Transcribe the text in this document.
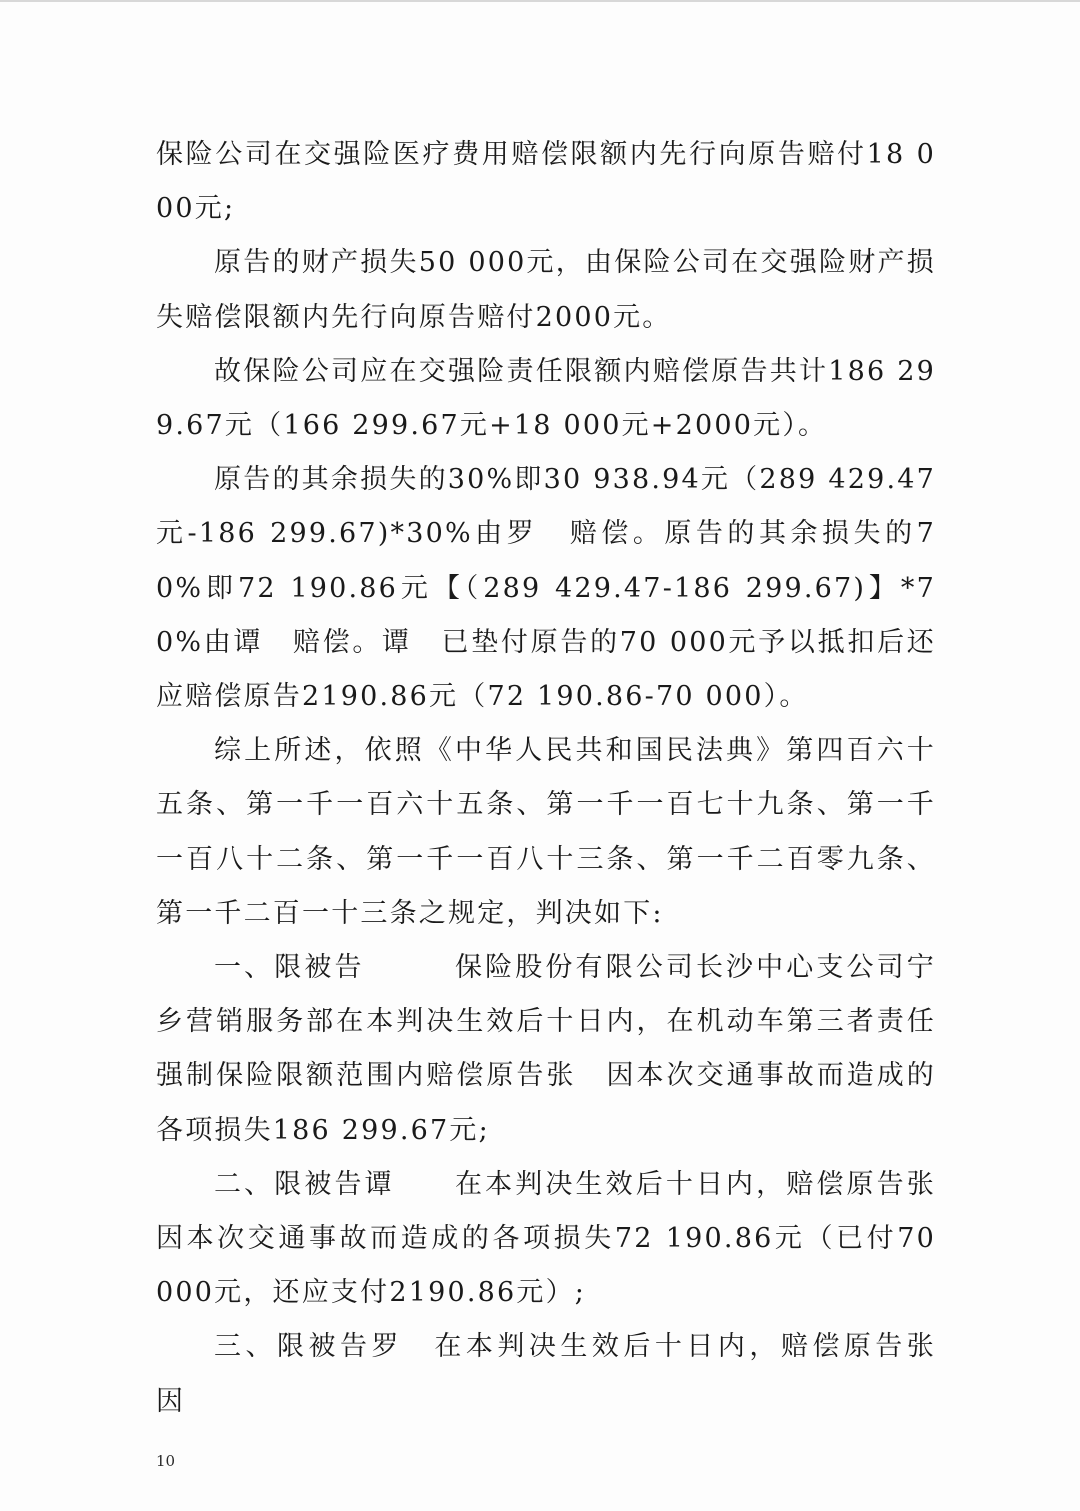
保险公司在交强险医疗费用赔偿限额内先行向原告赔付18 000元;

原告的财产损失50 000元，由保险公司在交强险财产损失赔偿限额内先行向原告赔付2000元。

故保险公司应在交强险责任限额内赔偿原告共计186 299.67元（166 299.67元+18 000元+2000元）。

原告的其余损失的30%即30 938.94元（289 429.47元-186 299.67)*30%由罗　赔偿。原告的其余损失的70%即72 190.86元【（289 429.47-186 299.67)】*70%由谭　赔偿。谭　已垫付原告的70 000元予以抵扣后还应赔偿原告2190.86元（72 190.86-70 000）。

综上所述，依照《中华人民共和国民法典》第四百六十五条、第一千一百六十五条、第一千一百七十九条、第一千一百八十二条、第一千一百八十三条、第一千二百零九条、第一千二百一十三条之规定，判决如下:

一、限被告　　　保险股份有限公司长沙中心支公司宁乡营销服务部在本判决生效后十日内，在机动车第三者责任强制保险限额范围内赔偿原告张　因本次交通事故而造成的各项损失186 299.67元;

二、限被告谭　　在本判决生效后十日内，赔偿原告张　因本次交通事故而造成的各项损失72 190.86元（已付70 000元，还应支付2190.86元）;

三、限被告罗　在本判决生效后十日内，赔偿原告张　因

10
